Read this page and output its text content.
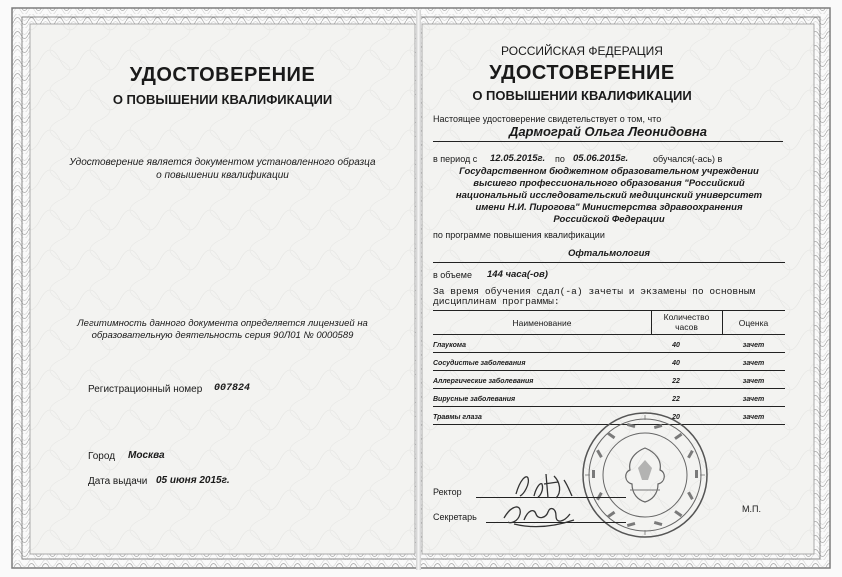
УДОСТОВЕРЕНИЕ
О ПОВЫШЕНИИ КВАЛИФИКАЦИИ
Удостоверение является документом установленного образца
о повышении квалификации
Легитимность данного документа определяется лицензией на
образовательную деятельность серия 90Л01 № 0000589
Регистрационный номер 007824
Город Москва
Дата выдачи 05 июня 2015г.
РОССИЙСКАЯ ФЕДЕРАЦИЯ
УДОСТОВЕРЕНИЕ
О ПОВЫШЕНИИ КВАЛИФИКАЦИИ
Настоящее удостоверение свидетельствует о том, что
Дармограй Ольга Леонидовна
в период с 12.05.2015г. по 05.06.2015г.	обучался(-ась) в
Государственном бюджетном образовательном учреждении
высшего профессионального образования "Российский
национальный исследовательский медицинский университет
имени Н.И. Пирогова" Министерства здравоохранения
Российской Федерации
по программе повышения квалификации
Офтальмология
в объеме 144 часа(-ов)
За время обучения сдал(-а) зачеты и экзамены по основным
дисциплинам программы:
Наименование
Количество
часов	Оценка
Глаукома	40	зачет
Сосудистые заболевания	40	зачет
Аллергические заболевания	22	зачет
Вирусные заболевания	22	зачет
Травмы глаза	20	зачет
Ректор
Секретарь
М.П.
